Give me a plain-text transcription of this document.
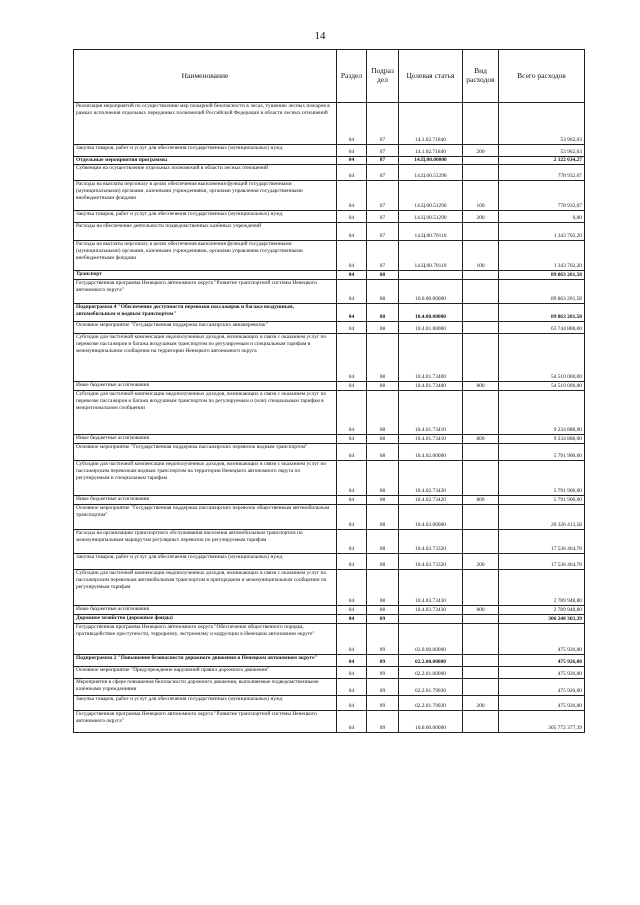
14
Наименование	Раздел	Подраз дел	Целевая статья	Вид расходов	Всего расходов
Реализация мероприятий по осуществлению мер пожарной безопасности в лесах, тушению лесных пожаров в рамках исполнения отдельных переданных полномочий Российской Федерации в области лесных отношений	04	07	14.1.02.71840		53 962,03
Закупка товаров, работ и услуг для обеспечения государственных (муниципальных) нужд	04	07	14.1.02.71840	200	53 962,03
Отдельные мероприятия программы	04	07	14.Ц.00.00000		2 122 634,27
Субвенции на осуществление отдельных полномочий в области лесных отношений	04	07	14.Ц.00.51290		778 932,07
Расходы на выплаты персоналу в целях обеспечения выполнения функций государственными (муниципальными) органами, казенными учреждениями, органами управления государственными внебюджетными фондами	04	07	14.Ц.00.51290	100	778 932,07
Закупка товаров, работ и услуг для обеспечения государственных (муниципальных) нужд	04	07	14.Ц.00.51290	200	0,00
Расходы на обеспечение деятельности подведомственных казённых учреждений	04	07	14.Ц.00.70110		1 343 702,20
Расходы на выплаты персоналу в целях обеспечения выполнения функций государственными (муниципальными) органами, казенными учреждениями, органами управления государственными внебюджетными фондами	04	07	14.Ц.00.70110	100	1 343 702,20
Транспорт	04	08			89 863 201,58
Государственная программа Ненецкого автономного округа "Развитие транспортной системы Ненецкого автономного округа"	04	08	10.0.00.00000		89 863 201,58
Подпрограмма 4 "Обеспечение доступности перевозки пассажиров и багажа воздушным, автомобильным и водным транспортом"	04	08	10.4.00.00000		89 863 201,58
Основное мероприятие "Государственная поддержка пассажирских авиаперевозок"	04	08	10.4.01.00000		63 744 888,00
Субсидии для частичной компенсации недополученных доходов, возникающих в связи с оказанием услуг по перевозке пассажиров и багажа воздушным транспортом по регулируемым и специальным тарифам в межмуниципальном сообщении на территории Ненецкого автономного округа	04	08	10.4.01.73400		54 510 000,00
Иные бюджетные ассигнования	04	08	10.4.01.73400	800	54 510 000,00
Субсидии для частичной компенсации недополученных доходов, возникающих в связи с оказанием услуг по перевозке пассажиров и багажа воздушным транспортом по регулируемым и (или) специальным тарифам в межрегиональном сообщении	04	08	10.4.01.73410		9 234 888,00
Иные бюджетные ассигнования	04	08	10.4.01.73410	800	9 234 888,00
Основное мероприятие "Государственная поддержка пассажирских перевозок водным транспортом"	04	08	10.4.02.00000		5 791 900,00
Субсидии для частичной компенсации недополученных доходов, возникающих в связи с оказанием услуг по пассажирским перевозкам водным транспортом на территории Ненецкого автономного округа по регулируемым и специальным тарифам	04	08	10.4.02.73420		5 791 900,00
Иные бюджетные ассигнования	04	08	10.4.02.73420	800	5 791 900,00
Основное мероприятие "Государственная поддержка пассажирских перевозок общественным автомобильным транспортом"	04	08	10.4.03.00000		20 326 413,58
Расходы на организацию транспортного обслуживания населения автомобильным транспортом по межмуниципальным маршрутам регулярных перевозок по регулируемым тарифам	04	08	10.4.03.73320		17 536 464,78
Закупка товаров, работ и услуг для обеспечения государственных (муниципальных) нужд	04	08	10.4.03.73320	200	17 536 464,78
Субсидии для частичной компенсации недополученных доходов, возникающих в связи с оказанием услуг по пассажирским перевозкам автомобильным транспортом в пригородном и межмуниципальном сообщении по регулируемым тарифам	04	08	10.4.03.73430		2 789 948,80
Иные бюджетные ассигнования	04	08	10.4.03.73430	800	2 789 948,80
Дорожное хозяйство (дорожные фонды)	04	09			306 248 303,39
Государственная программа Ненецкого автономного округа "Обеспечение общественного порядка, противодействие преступности, терроризму, экстремизму и коррупции в Ненецком автономном округе"	04	09	02.0.00.00000		475 926,00
Подпрограмма 2 "Повышение безопасности дорожного движения в Ненецком автономном округе"	04	09	02.2.00.00000		475 926,00
Основное мероприятие "Предупреждение нарушений правил дорожного движения"	04	09	02.2.01.00000		475 926,00
Мероприятия в сфере повышения безопасности дорожного движения, выполняемые подведомственными казёнными учреждениями	04	09	02.2.01.79030		475 926,00
Закупка товаров, работ и услуг для обеспечения государственных (муниципальных) нужд	04	09	02.2.01.79030	200	475 926,00
Государственная программа Ненецкого автономного округа "Развитие транспортной системы Ненецкого автономного округа"	04	09	10.0.00.00000		305 772 377,39
